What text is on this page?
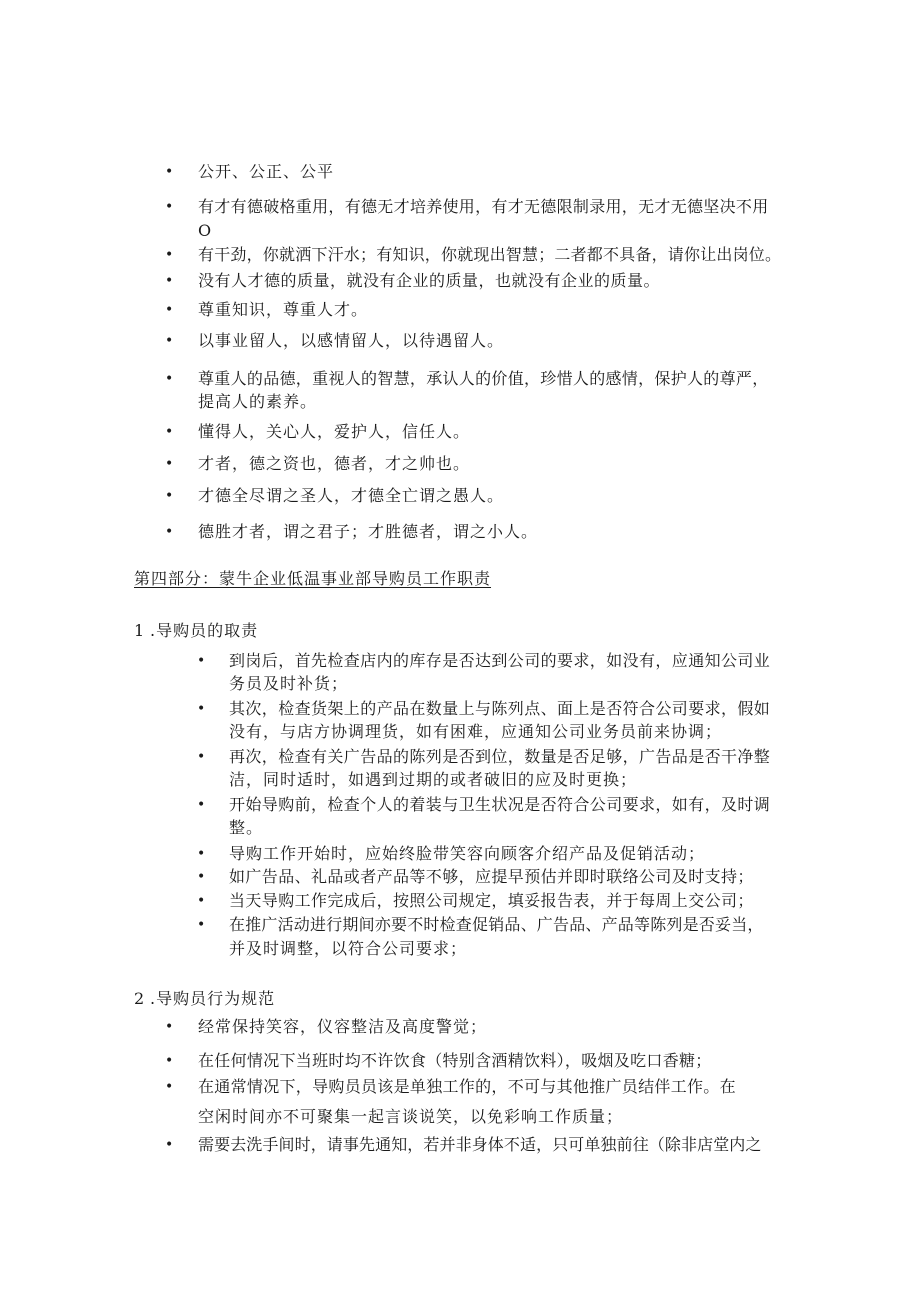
• 公开、公正、公平
• 有才有德破格重用，有德无才培养使用，有才无德限制录用，无才无德坚决不用
O
• 有干劲，你就洒下汗水；有知识，你就现出智慧；二者都不具备，请你让出岗位。
• 没有人才德的质量，就没有企业的质量，也就没有企业的质量。
• 尊重知识，尊重人才。
• 以事业留人，以感情留人，以待遇留人。
• 尊重人的品德，重视人的智慧，承认人的价值，珍惜人的感情，保护人的尊严，
提高人的素养。
• 懂得人，关心人，爱护人，信任人。
• 才者，德之资也，德者，才之帅也。
• 才德全尽谓之圣人，才德全亡谓之愚人。
• 德胜才者，谓之君子；才胜德者，谓之小人。
第四部分：蒙牛企业低温事业部导购员工作职责
1 .导购员的取责
• 到岗后，首先检查店内的库存是否达到公司的要求，如没有，应通知公司业
务员及时补货；
• 其次，检查货架上的产品在数量上与陈列点、面上是否符合公司要求，假如
没有，与店方协调理货，如有困难，应通知公司业务员前来协调；
• 再次，检查有关广告品的陈列是否到位，数量是否足够，广告品是否干净整
洁，同时适时，如遇到过期的或者破旧的应及时更换；
• 开始导购前，检查个人的着装与卫生状况是否符合公司要求，如有，及时调
整。
• 导购工作开始时，应始终脸带笑容向顾客介绍产品及促销活动；
• 如广告品、礼品或者产品等不够，应提早预估并即时联络公司及时支持；
• 当天导购工作完成后，按照公司规定，填妥报告表，并于每周上交公司；
• 在推广活动进行期间亦要不时检查促销品、广告品、产品等陈列是否妥当，
并及时调整，以符合公司要求；
2 .导购员行为规范
• 经常保持笑容，仪容整洁及高度警觉；
• 在任何情况下当班时均不许饮食（特别含酒精饮料），吸烟及吃口香糖；
• 在通常情况下，导购员员该是单独工作的，不可与其他推广员结伴工作。在
空闲时间亦不可聚集一起言谈说笑，以免彩响工作质量；
• 需要去洗手间时，请事先通知，若并非身体不适，只可单独前往（除非店堂内之
